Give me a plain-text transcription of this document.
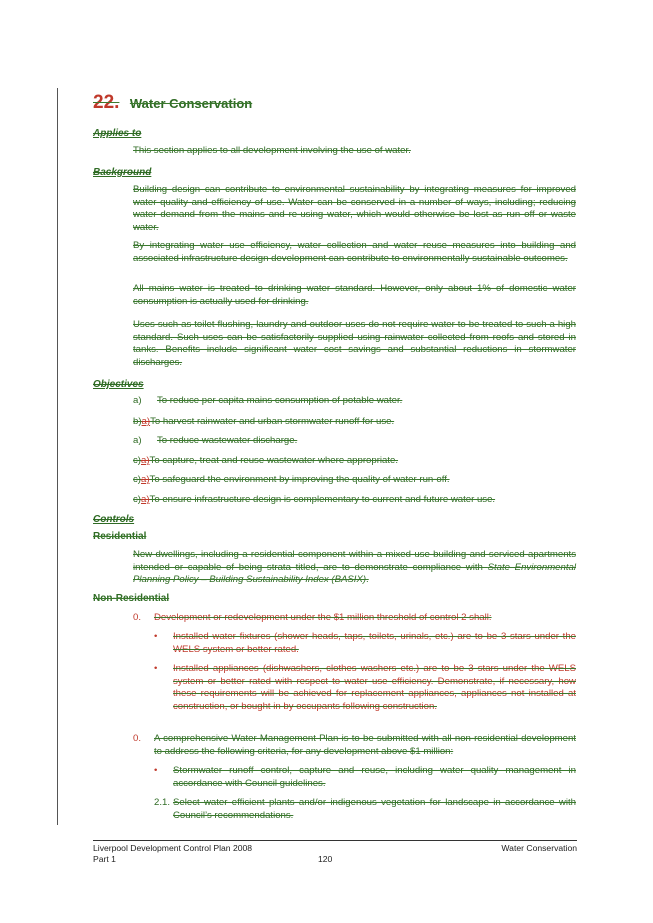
22. Water Conservation
Applies to
This section applies to all development involving the use of water.
Background
Building design can contribute to environmental sustainability by integrating measures for improved water quality and efficiency of use. Water can be conserved in a number of ways, including; reducing water demand from the mains and re-using water, which would otherwise be lost as run off or waste water.
By integrating water use efficiency, water collection and water reuse measures into building and associated infrastructure design development can contribute to environmentally sustainable outcomes.
All mains water is treated to drinking water standard. However, only about 1% of domestic water consumption is actually used for drinking.
Uses such as toilet flushing, laundry and outdoor uses do not require water to be treated to such a high standard. Such uses can be satisfactorily supplied using rainwater collected from roofs and stored in tanks. Benefits include significant water cost savings and substantial reductions in stormwater discharges.
Objectives
a) To reduce per capita mains consumption of potable water.
b)a)To harvest rainwater and urban stormwater runoff for use.
a) To reduce wastewater discharge.
c)a)To capture, treat and reuse wastewater where appropriate.
c)a)To safeguard the environment by improving the quality of water run-off.
c)a)To ensure infrastructure design is complementary to current and future water use.
Controls
Residential
New dwellings, including a residential component within a mixed use building and serviced apartments intended or capable of being strata titled, are to demonstrate compliance with State Environmental Planning Policy – Building Sustainability Index (BASIX).
Non-Residential
0. Development or redevelopment under the $1 million threshold of control 2 shall:
• Installed water fixtures (shower heads, taps, toilets, urinals, etc.) are to be 3 stars under the WELS system or better rated.
• Installed appliances (dishwashers, clothes washers etc.) are to be 3 stars under the WELS system or better rated with respect to water use efficiency. Demonstrate, if necessary, how these requirements will be achieved for replacement appliances, appliances not installed at construction, or bought in by occupants following construction.
0. A comprehensive Water Management Plan is to be submitted with all non-residential development to address the following criteria, for any development above $1 million:
• Stormwater runoff control, capture and reuse, including water quality management in accordance with Council guidelines.
2.1. Select water efficient plants and/or indigenous vegetation for landscape in accordance with Council’s recommendations.
Liverpool Development Control Plan 2008
Part 1	120
Water Conservation
